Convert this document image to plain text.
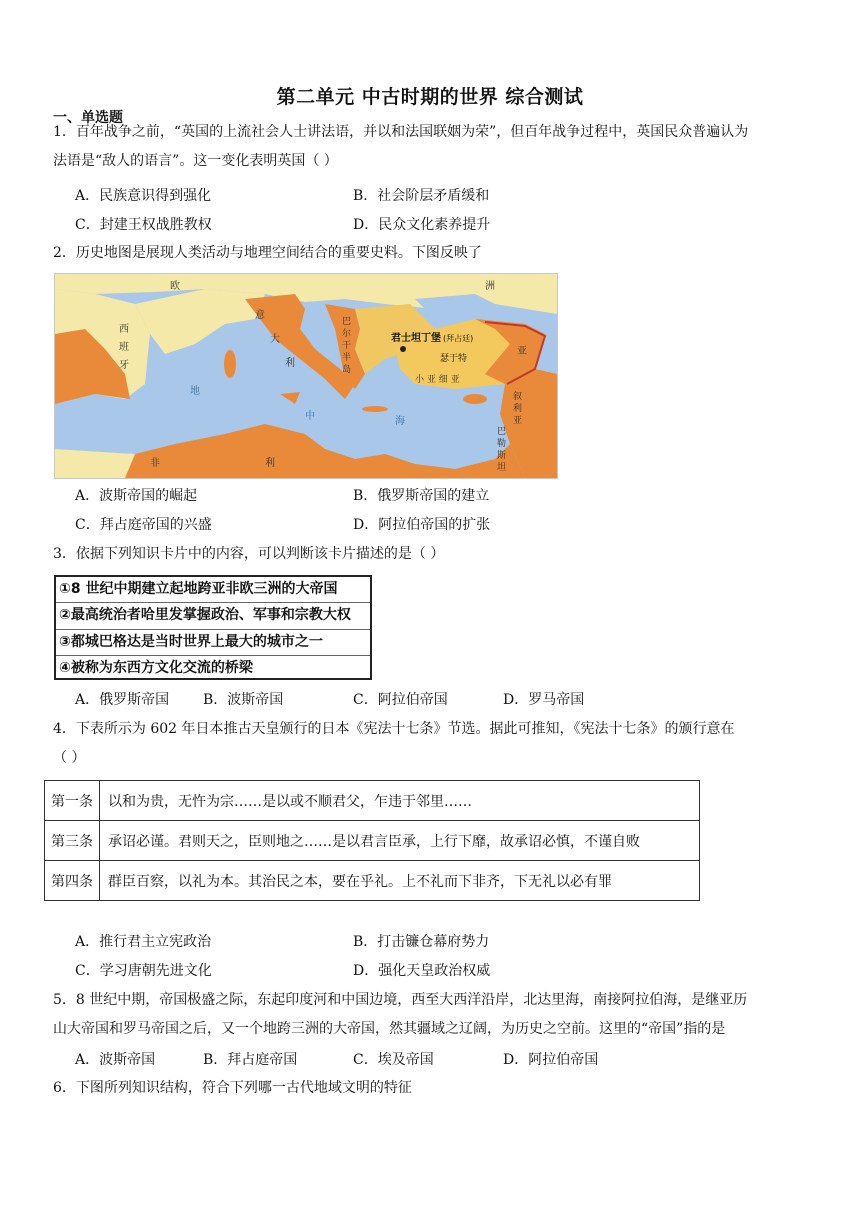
第二单元 中古时期的世界 综合测试
一、单选题
1．百年战争之前，“英国的上流社会人士讲法语，并以和法国联姻为荣”，但百年战争过程中，英国民众普遍认为
法语是“敌人的语言”。这一变化表明英国（ ）
A．民族意识得到强化	B．社会阶层矛盾缓和
C．封建王权战胜教权	D．民众文化素养提升
2．历史地图是展现人类活动与地理空间结合的重要史料。下图反映了
欧	洲
西
班
牙
意
大
利
巴
尔
干
半
岛
君士坦丁堡 (拜占廷)
瑟于特
小 亚 细 亚
亚
叙
利
亚
巴
勒
斯
坦
非	利
地
中	海
A．波斯帝国的崛起	B．俄罗斯帝国的建立
C．拜占庭帝国的兴盛	D．阿拉伯帝国的扩张
3．依据下列知识卡片中的内容，可以判断该卡片描述的是（ ）
①8 世纪中期建立起地跨亚非欧三洲的大帝国
②最高统治者哈里发掌握政治、军事和宗教大权
③都城巴格达是当时世界上最大的城市之一
④被称为东西方文化交流的桥梁
A．俄罗斯帝国 B．波斯帝国	C．阿拉伯帝国	D．罗马帝国
4．下表所示为 602 年日本推古天皇颁行的日本《宪法十七条》节选。据此可推知，《宪法十七条》的颁行意在
（ ）
第一条	以和为贵，无忤为宗……是以或不顺君父，乍违于邻里……
第三条	承诏必谨。君则天之，臣则地之……是以君言臣承，上行下靡，故承诏必慎，不谨自败
第四条	群臣百察，以礼为本。其治民之本，要在乎礼。上不礼而下非齐，下无礼以必有罪
A．推行君主立宪政治	B．打击镰仓幕府势力
C．学习唐朝先进文化	D．强化天皇政治权威
5．8 世纪中期，帝国极盛之际，东起印度河和中国边境，西至大西洋沿岸，北达里海，南接阿拉伯海，是继亚历
山大帝国和罗马帝国之后，又一个地跨三洲的大帝国，然其疆域之辽阔，为历史之空前。这里的“帝国”指的是
A．波斯帝国	B．拜占庭帝国	C．埃及帝国	D．阿拉伯帝国
6．下图所列知识结构，符合下列哪一古代地域文明的特征
